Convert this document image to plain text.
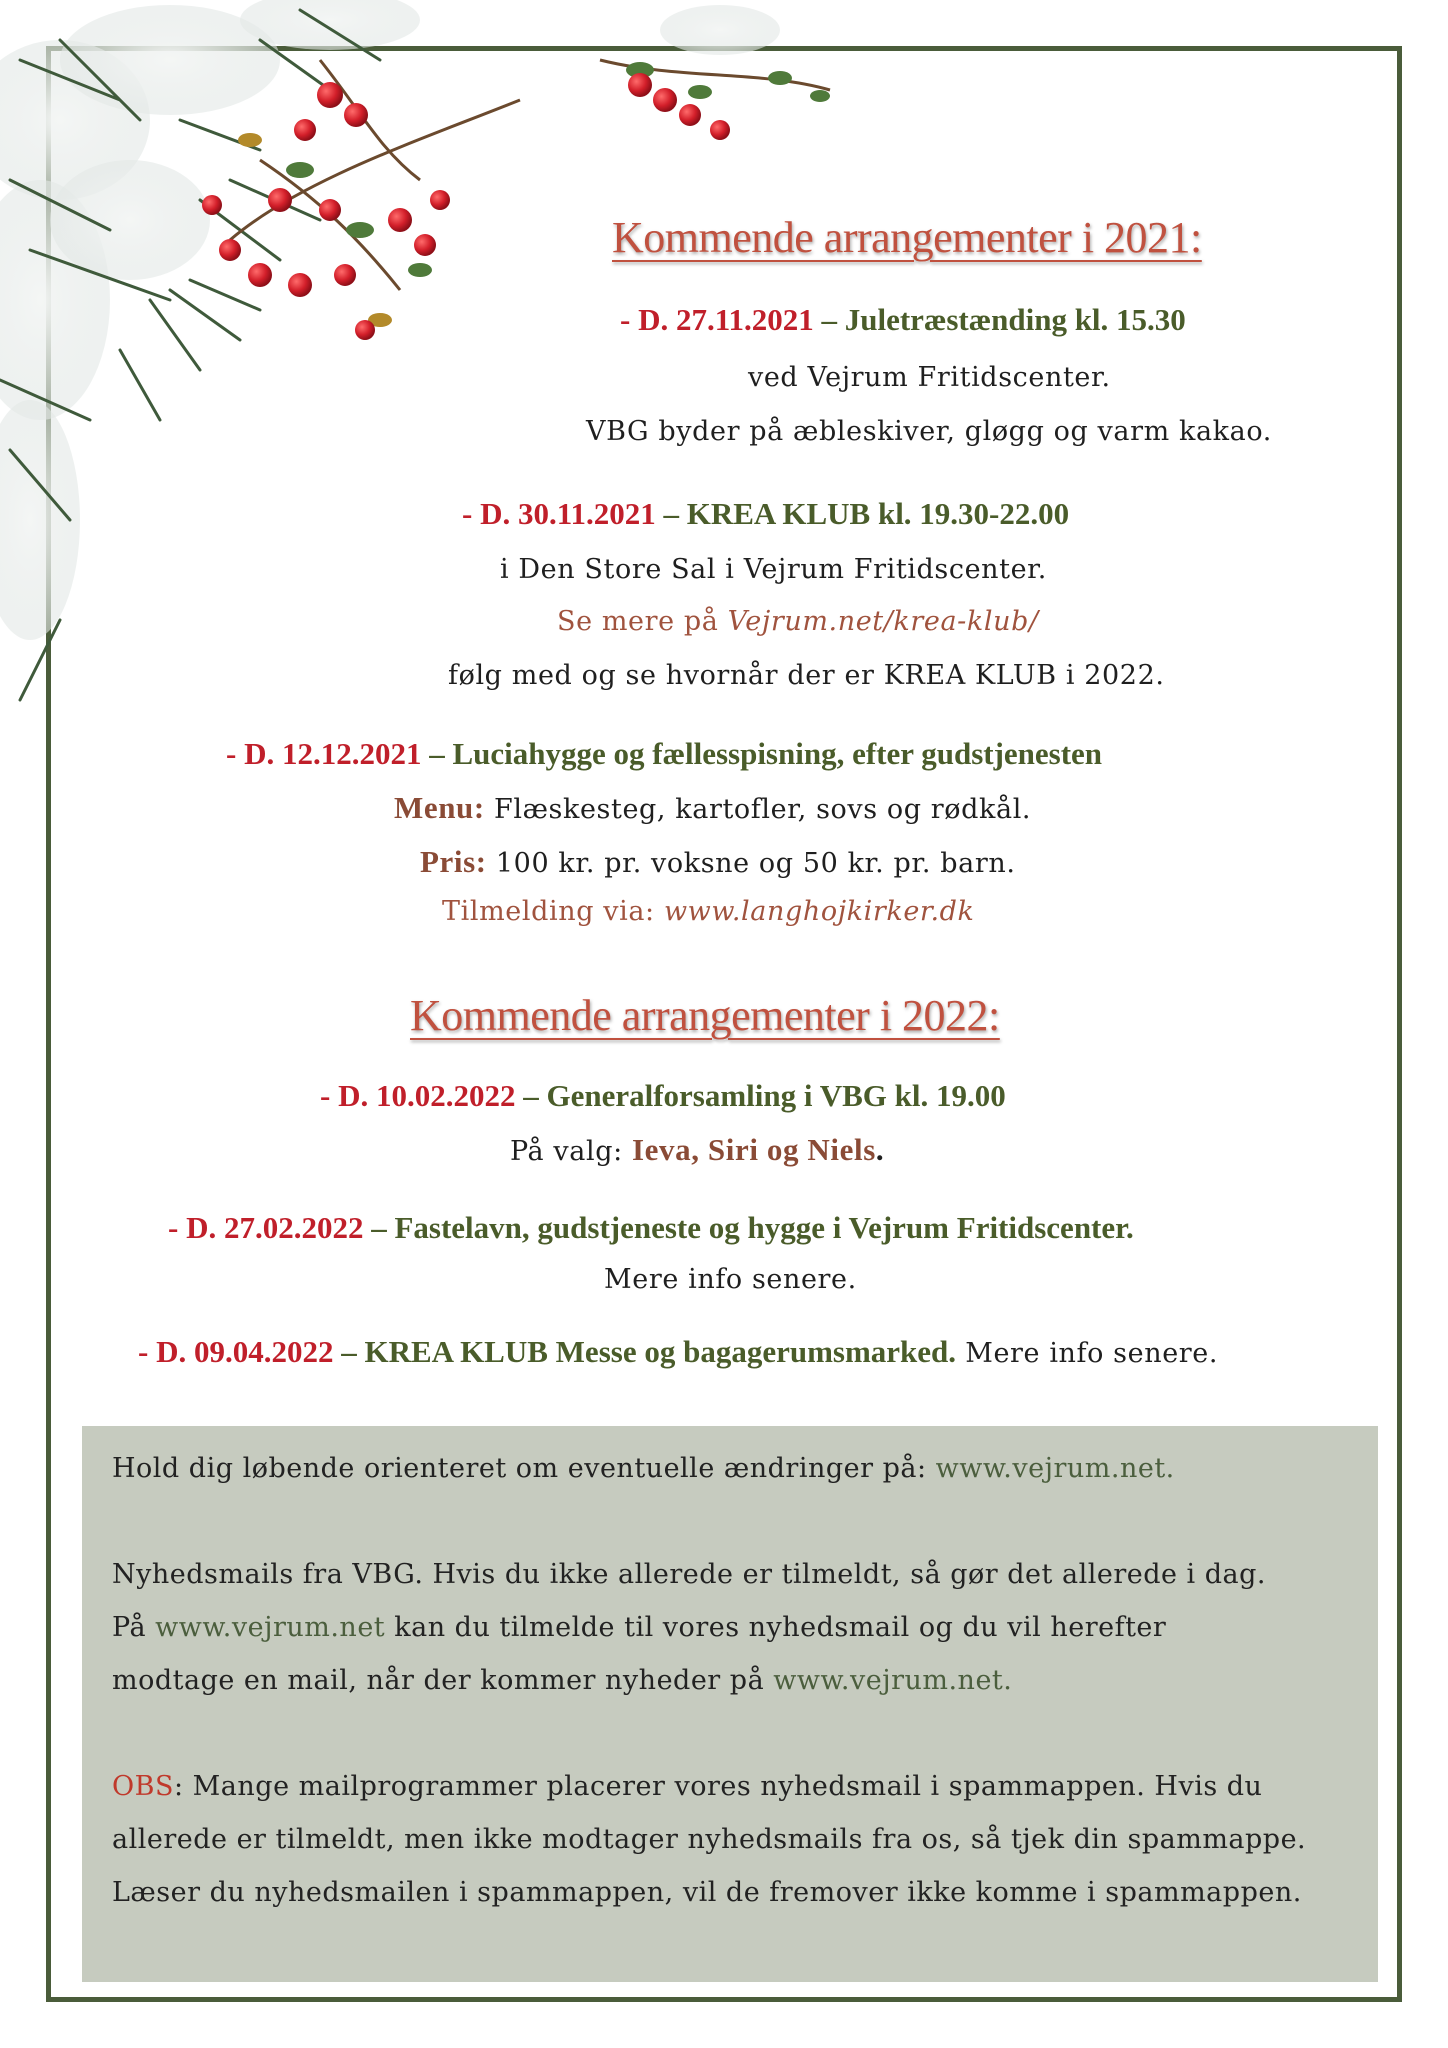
Kommende arrangementer i 2021:
- D. 27.11.2021 – Juletræstænding kl. 15.30
ved Vejrum Fritidscenter.
VBG byder på æbleskiver, gløgg og varm kakao.
- D. 30.11.2021 – KREA KLUB kl. 19.30-22.00
i Den Store Sal i Vejrum Fritidscenter.
Se mere på Vejrum.net/krea-klub/
følg med og se hvornår der er KREA KLUB i 2022.
- D. 12.12.2021 – Luciahygge og fællesspisning, efter gudstjenesten
Menu: Flæskesteg, kartofler, sovs og rødkål.
Pris: 100 kr. pr. voksne og 50 kr. pr. barn.
Tilmelding via: www.langhojkirker.dk
Kommende arrangementer i 2022:
- D. 10.02.2022 – Generalforsamling i VBG kl. 19.00
På valg: Ieva, Siri og Niels.
- D. 27.02.2022 – Fastelavn, gudstjeneste og hygge i Vejrum Fritidscenter.
Mere info senere.
- D. 09.04.2022 – KREA KLUB Messe og bagagerumsmarked. Mere info senere.

Hold dig løbende orienteret om eventuelle ændringer på: www.vejrum.net.

Nyhedsmails fra VBG. Hvis du ikke allerede er tilmeldt, så gør det allerede i dag.
På www.vejrum.net kan du tilmelde til vores nyhedsmail og du vil herefter
modtage en mail, når der kommer nyheder på www.vejrum.net.

OBS: Mange mailprogrammer placerer vores nyhedsmail i spammappen. Hvis du allerede er tilmeldt, men ikke modtager nyhedsmails fra os, så tjek din spammappe. Læser du nyhedsmailen i spammappen, vil de fremover ikke komme i spammappen.
